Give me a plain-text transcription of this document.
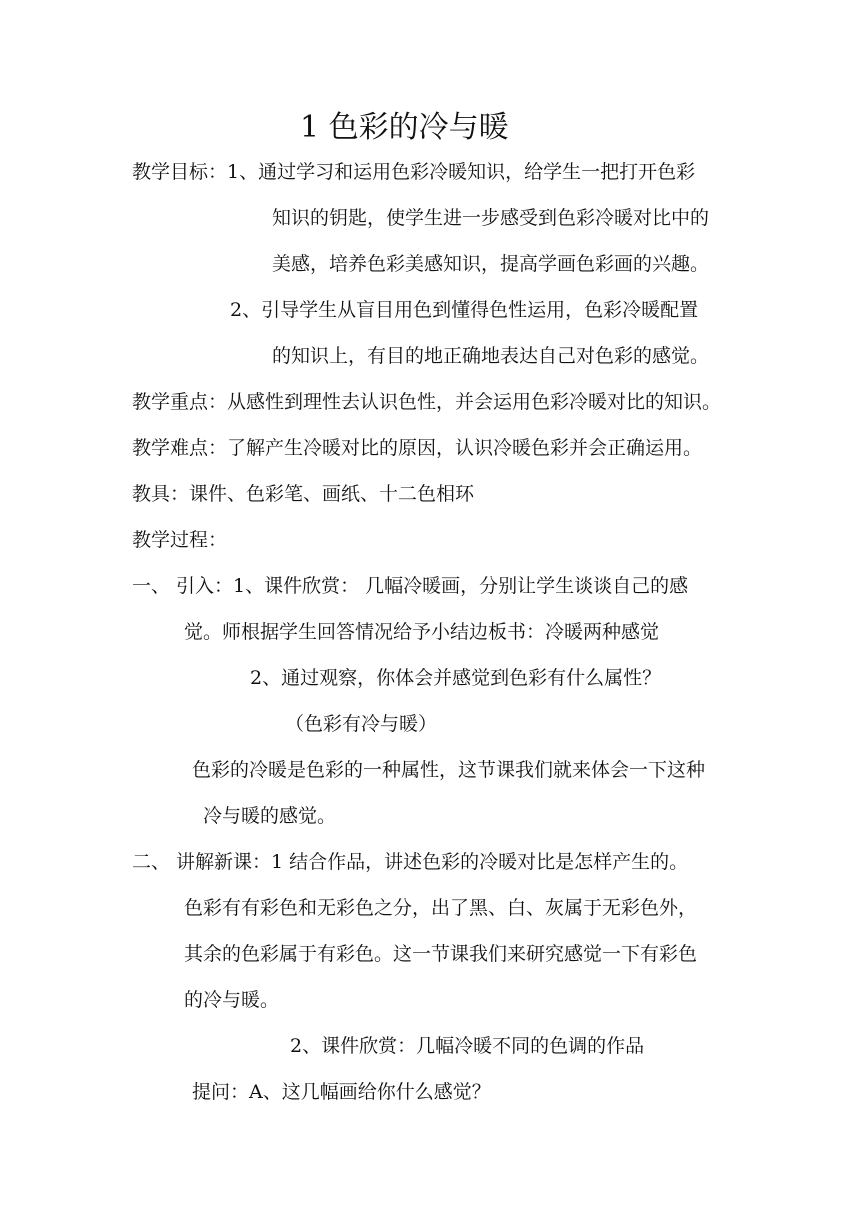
1 色彩的冷与暖
教学目标：1、通过学习和运用色彩冷暖知识，给学生一把打开色彩
知识的钥匙，使学生进一步感受到色彩冷暖对比中的
美感，培养色彩美感知识，提高学画色彩画的兴趣。
2、引导学生从盲目用色到懂得色性运用，色彩冷暖配置
的知识上，有目的地正确地表达自己对色彩的感觉。
教学重点：从感性到理性去认识色性，并会运用色彩冷暖对比的知识。
教学难点：了解产生冷暖对比的原因，认识冷暖色彩并会正确运用。
教具：课件、色彩笔、画纸、十二色相环
教学过程：
一、 引入：1、课件欣赏： 几幅冷暖画，分别让学生谈谈自己的感
觉。师根据学生回答情况给予小结边板书：冷暖两种感觉
2、通过观察，你体会并感觉到色彩有什么属性？
（色彩有冷与暖）
色彩的冷暖是色彩的一种属性，这节课我们就来体会一下这种
冷与暖的感觉。
二、 讲解新课：1 结合作品，讲述色彩的冷暖对比是怎样产生的。
色彩有有彩色和无彩色之分，出了黑、白、灰属于无彩色外，
其余的色彩属于有彩色。这一节课我们来研究感觉一下有彩色
的冷与暖。
2、课件欣赏：几幅冷暖不同的色调的作品
提问：A、这几幅画给你什么感觉？
